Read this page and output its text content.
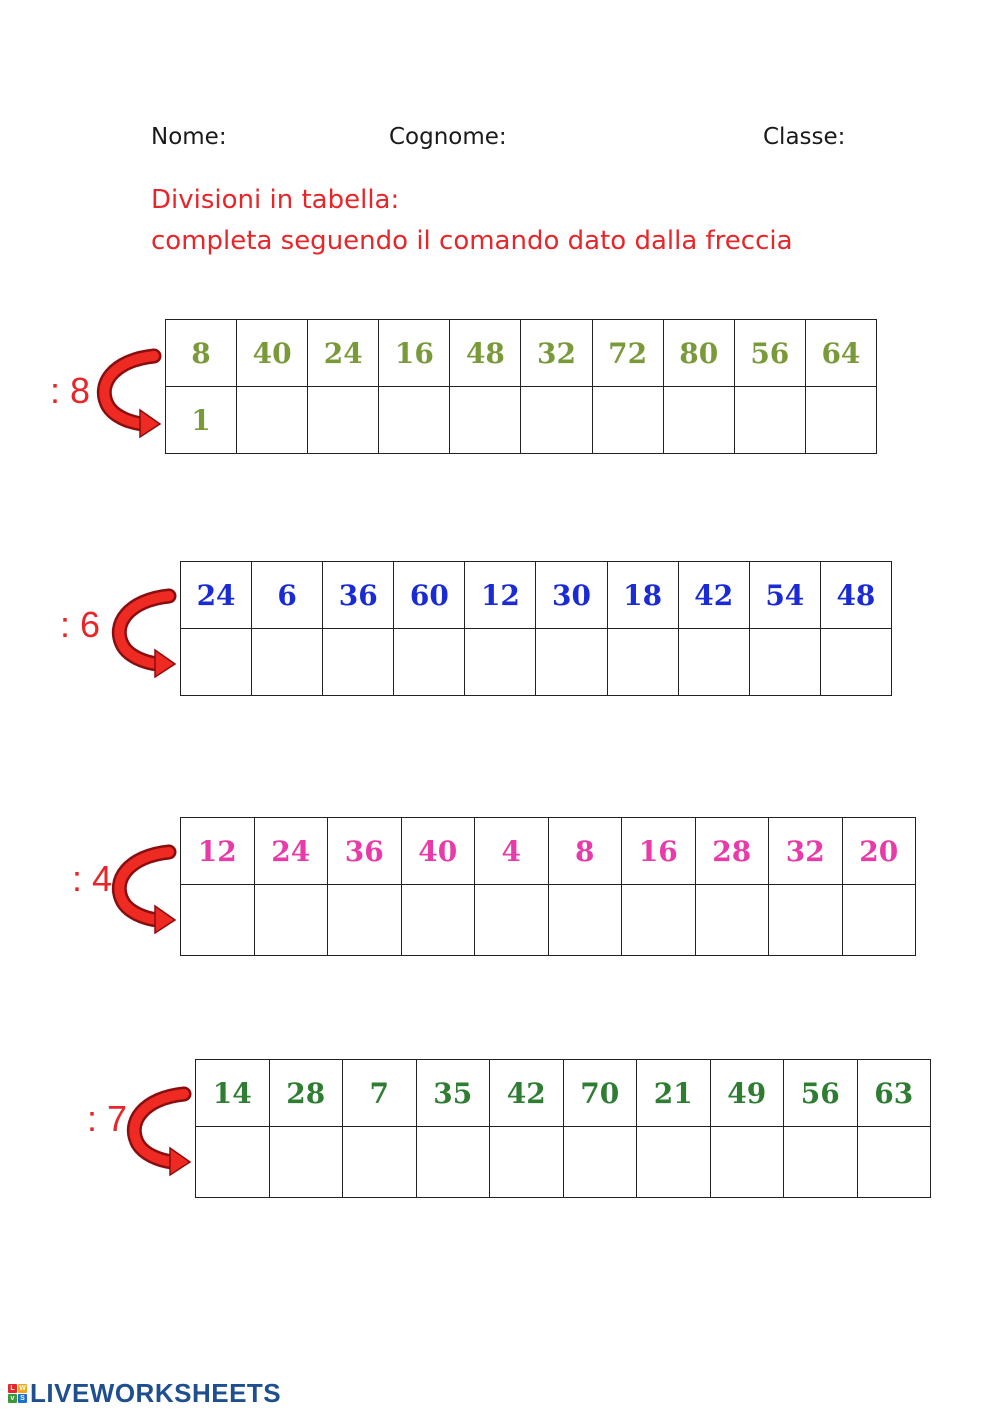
Nome:	Cognome:	Classe:
Divisioni in tabella:
completa seguendo il comando dato dalla freccia
: 8
8	40	24	16	48	32	72	80	56	64
1									
: 6
24	6	36	60	12	30	18	42	54	48

: 4
12	24	36	40	4	8	16	28	32	20

: 7
14	28	7	35	42	70	21	49	56	63

L W
v S LIVEWORKSHEETS
